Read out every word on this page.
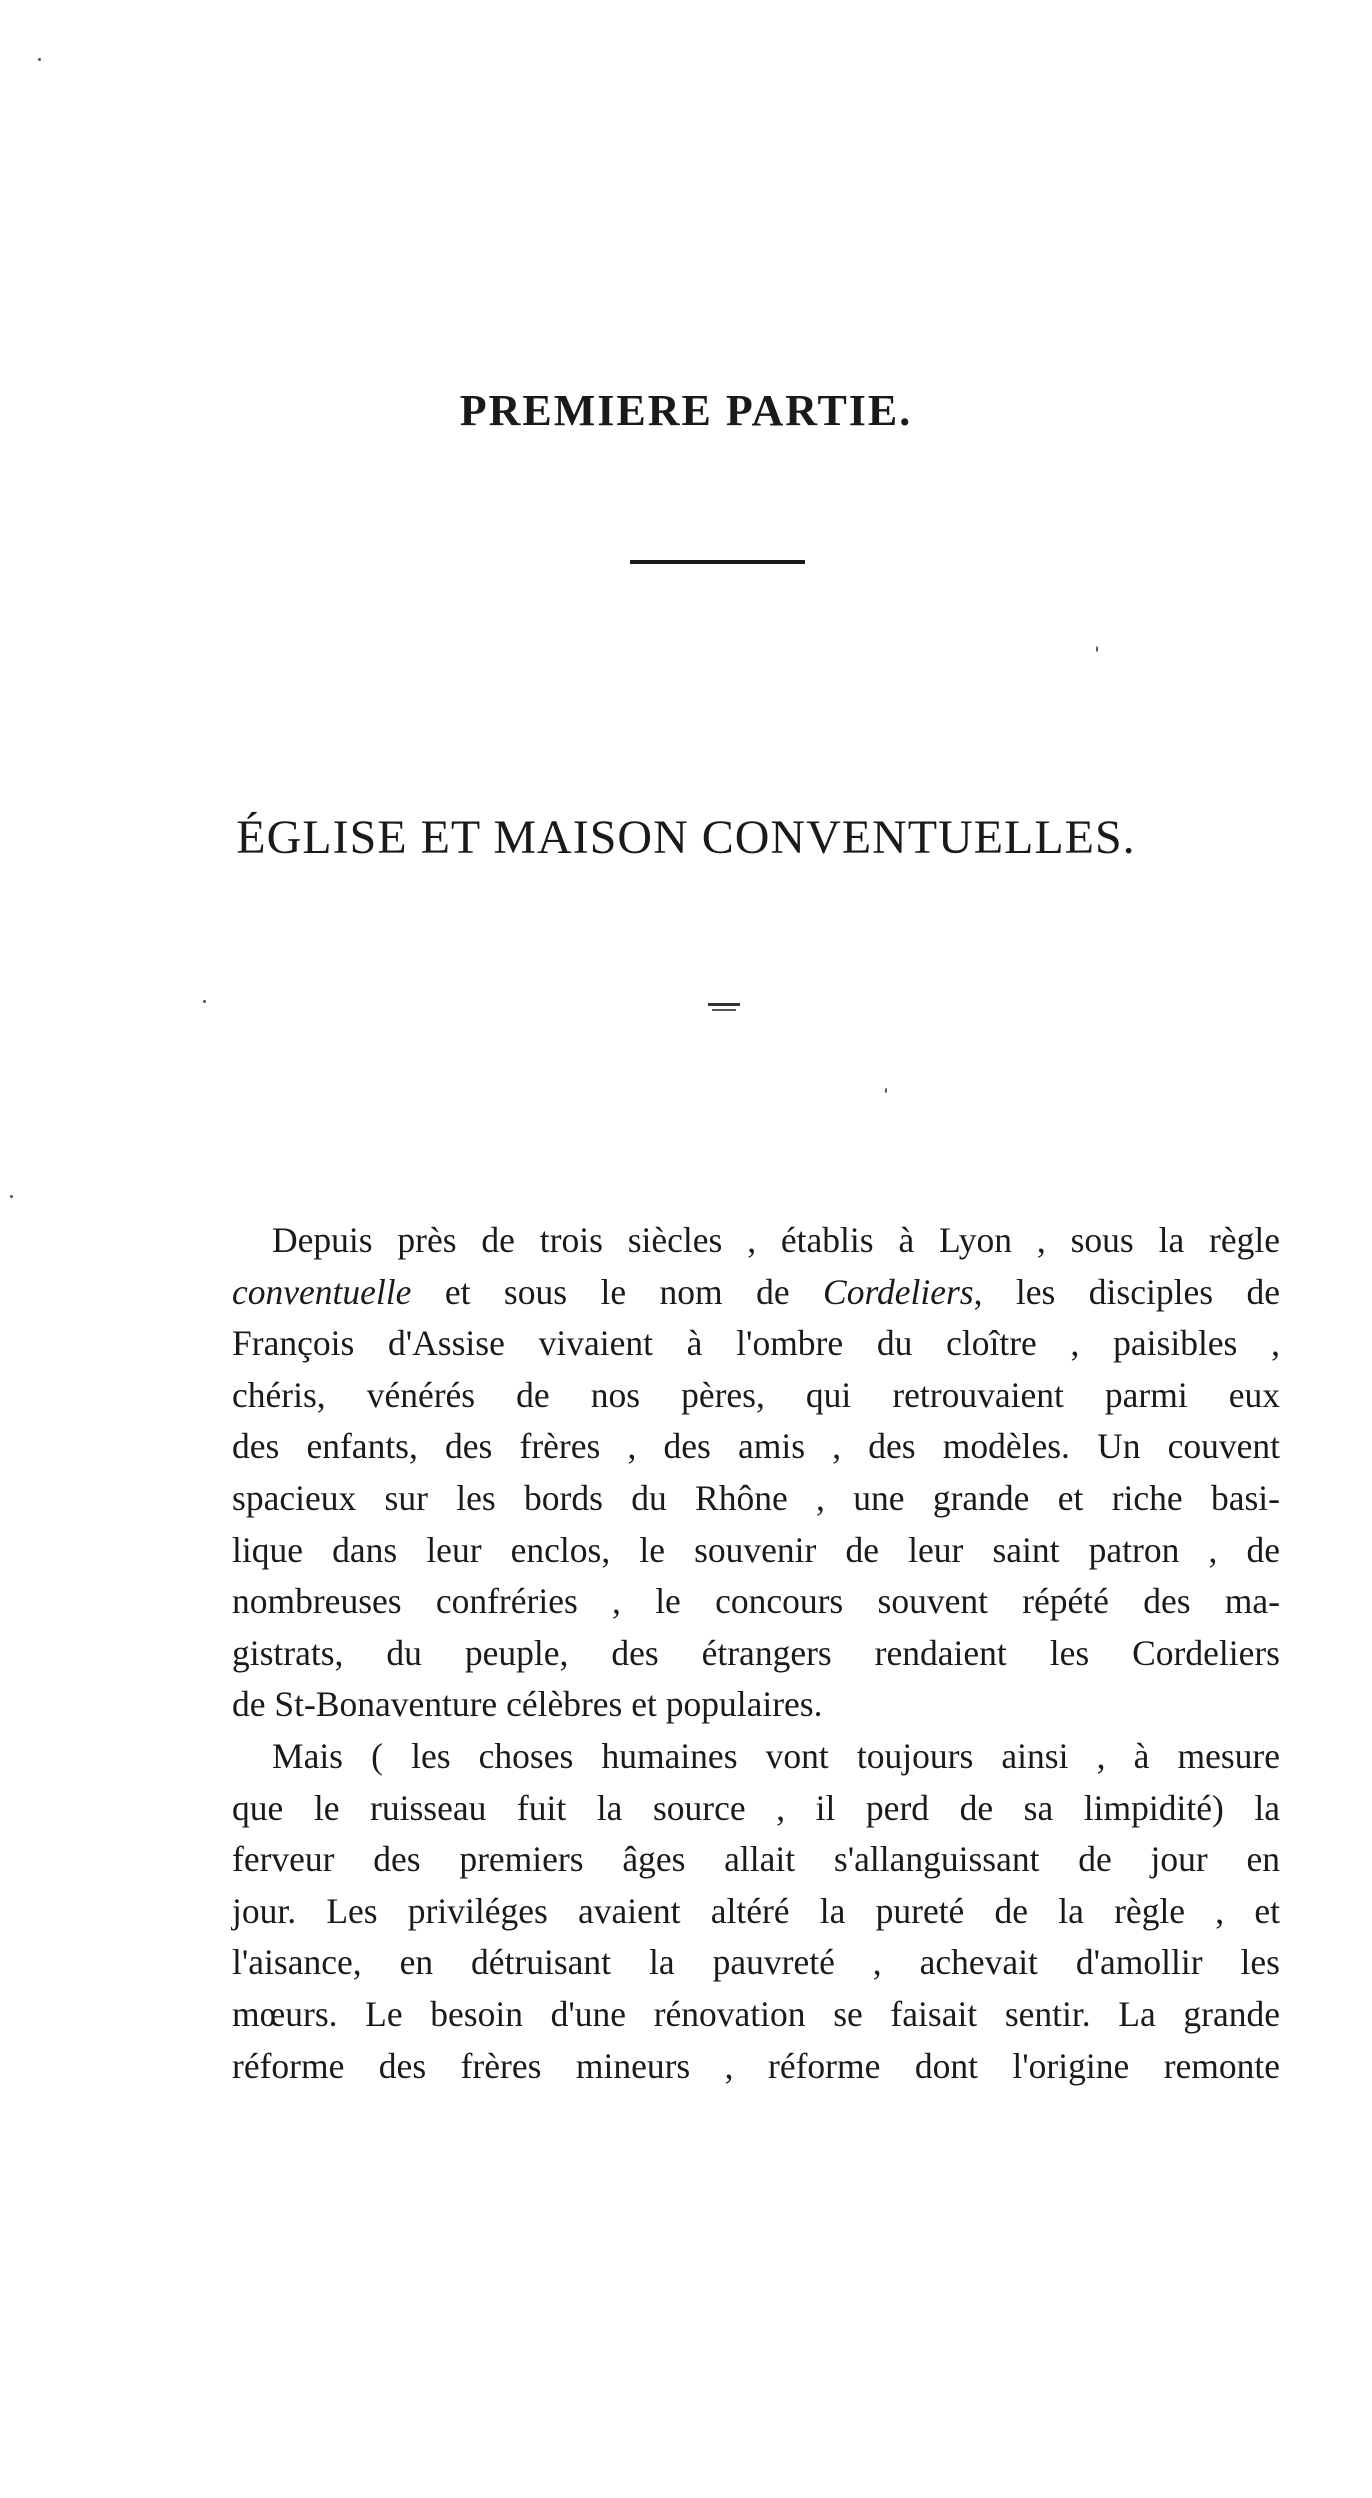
PREMIERE PARTIE.
ÉGLISE ET MAISON CONVENTUELLES.

Depuis près de trois siècles , établis à Lyon , sous la règle
conventuelle et sous le nom de Cordeliers, les disciples de
François d'Assise vivaient à l'ombre du cloître , paisibles ,
chéris, vénérés de nos pères, qui retrouvaient parmi eux
des enfants, des frères , des amis , des modèles. Un couvent
spacieux sur les bords du Rhône , une grande et riche basi-
lique dans leur enclos, le souvenir de leur saint patron , de
nombreuses confréries , le concours souvent répété des ma-
gistrats, du peuple, des étrangers rendaient les Cordeliers
de St-Bonaventure célèbres et populaires.

Mais ( les choses humaines vont toujours ainsi , à mesure
que le ruisseau fuit la source , il perd de sa limpidité) la
ferveur des premiers âges allait s'allanguissant de jour en
jour. Les priviléges avaient altéré la pureté de la règle , et
l'aisance, en détruisant la pauvreté , achevait d'amollir les
mœurs. Le besoin d'une rénovation se faisait sentir. La grande
réforme des frères mineurs , réforme dont l'origine remonte
